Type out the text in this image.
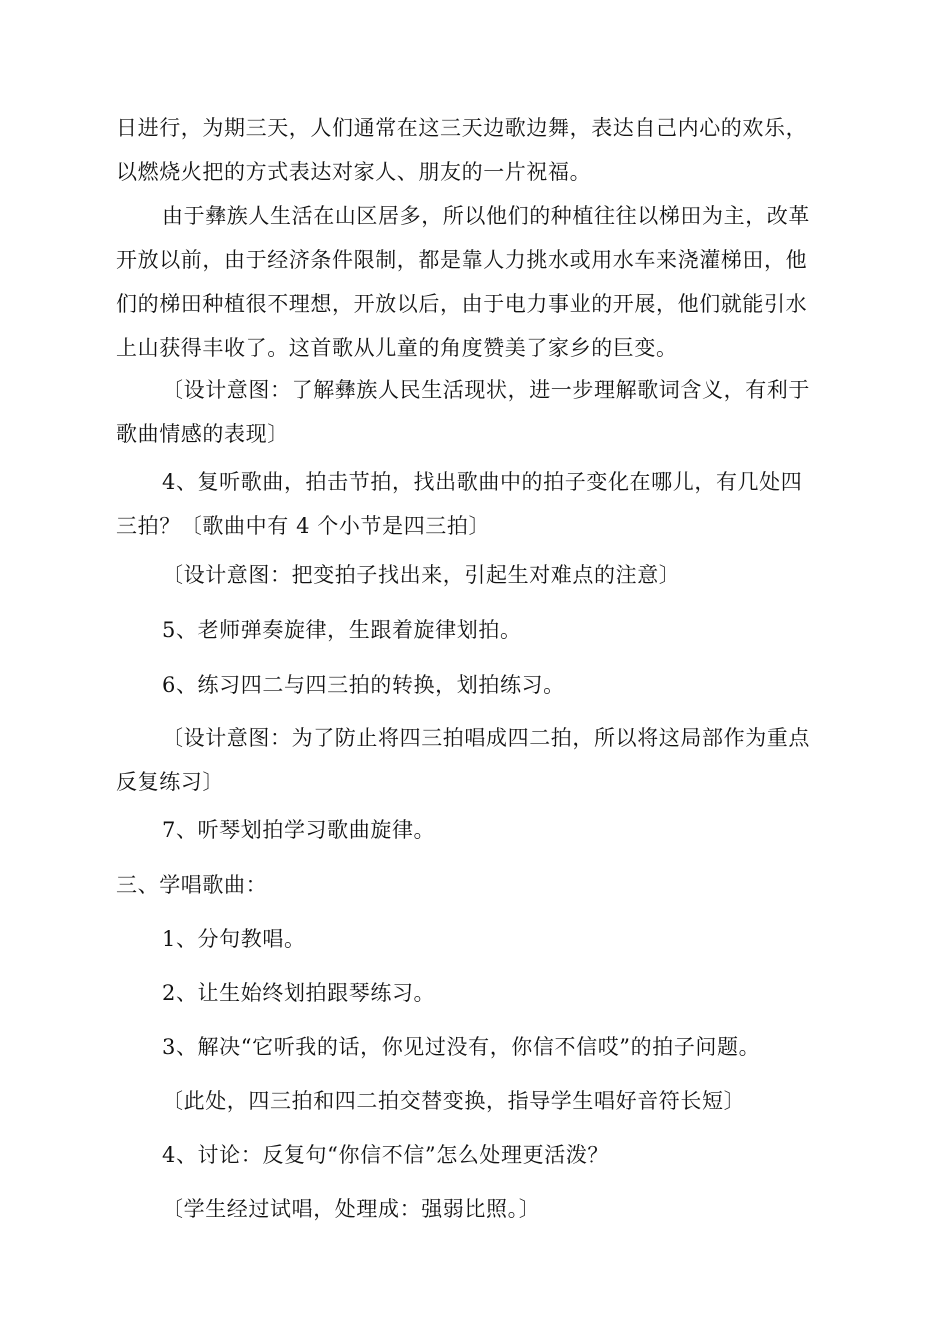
日进行，为期三天，人们通常在这三天边歌边舞，表达自己内心的欢乐，
以燃烧火把的方式表达对家人、朋友的一片祝福。
由于彝族人生活在山区居多，所以他们的种植往往以梯田为主，改革
开放以前，由于经济条件限制，都是靠人力挑水或用水车来浇灌梯田，他
们的梯田种植很不理想，开放以后，由于电力事业的开展，他们就能引水
上山获得丰收了。这首歌从儿童的角度赞美了家乡的巨变。
〔设计意图：了解彝族人民生活现状，进一步理解歌词含义，有利于
歌曲情感的表现〕
4、复听歌曲，拍击节拍，找出歌曲中的拍子变化在哪儿，有几处四
三拍？〔歌曲中有 4 个小节是四三拍〕
〔设计意图：把变拍子找出来，引起生对难点的注意〕
5、老师弹奏旋律，生跟着旋律划拍。
6、练习四二与四三拍的转换，划拍练习。
〔设计意图：为了防止将四三拍唱成四二拍，所以将这局部作为重点
反复练习〕
7、听琴划拍学习歌曲旋律。
三、学唱歌曲：
1、分句教唱。
2、让生始终划拍跟琴练习。
3、解决“它听我的话，你见过没有，你信不信哎”的拍子问题。
〔此处，四三拍和四二拍交替变换，指导学生唱好音符长短〕
4、讨论：反复句“你信不信”怎么处理更活泼？
〔学生经过试唱，处理成：强弱比照。〕
